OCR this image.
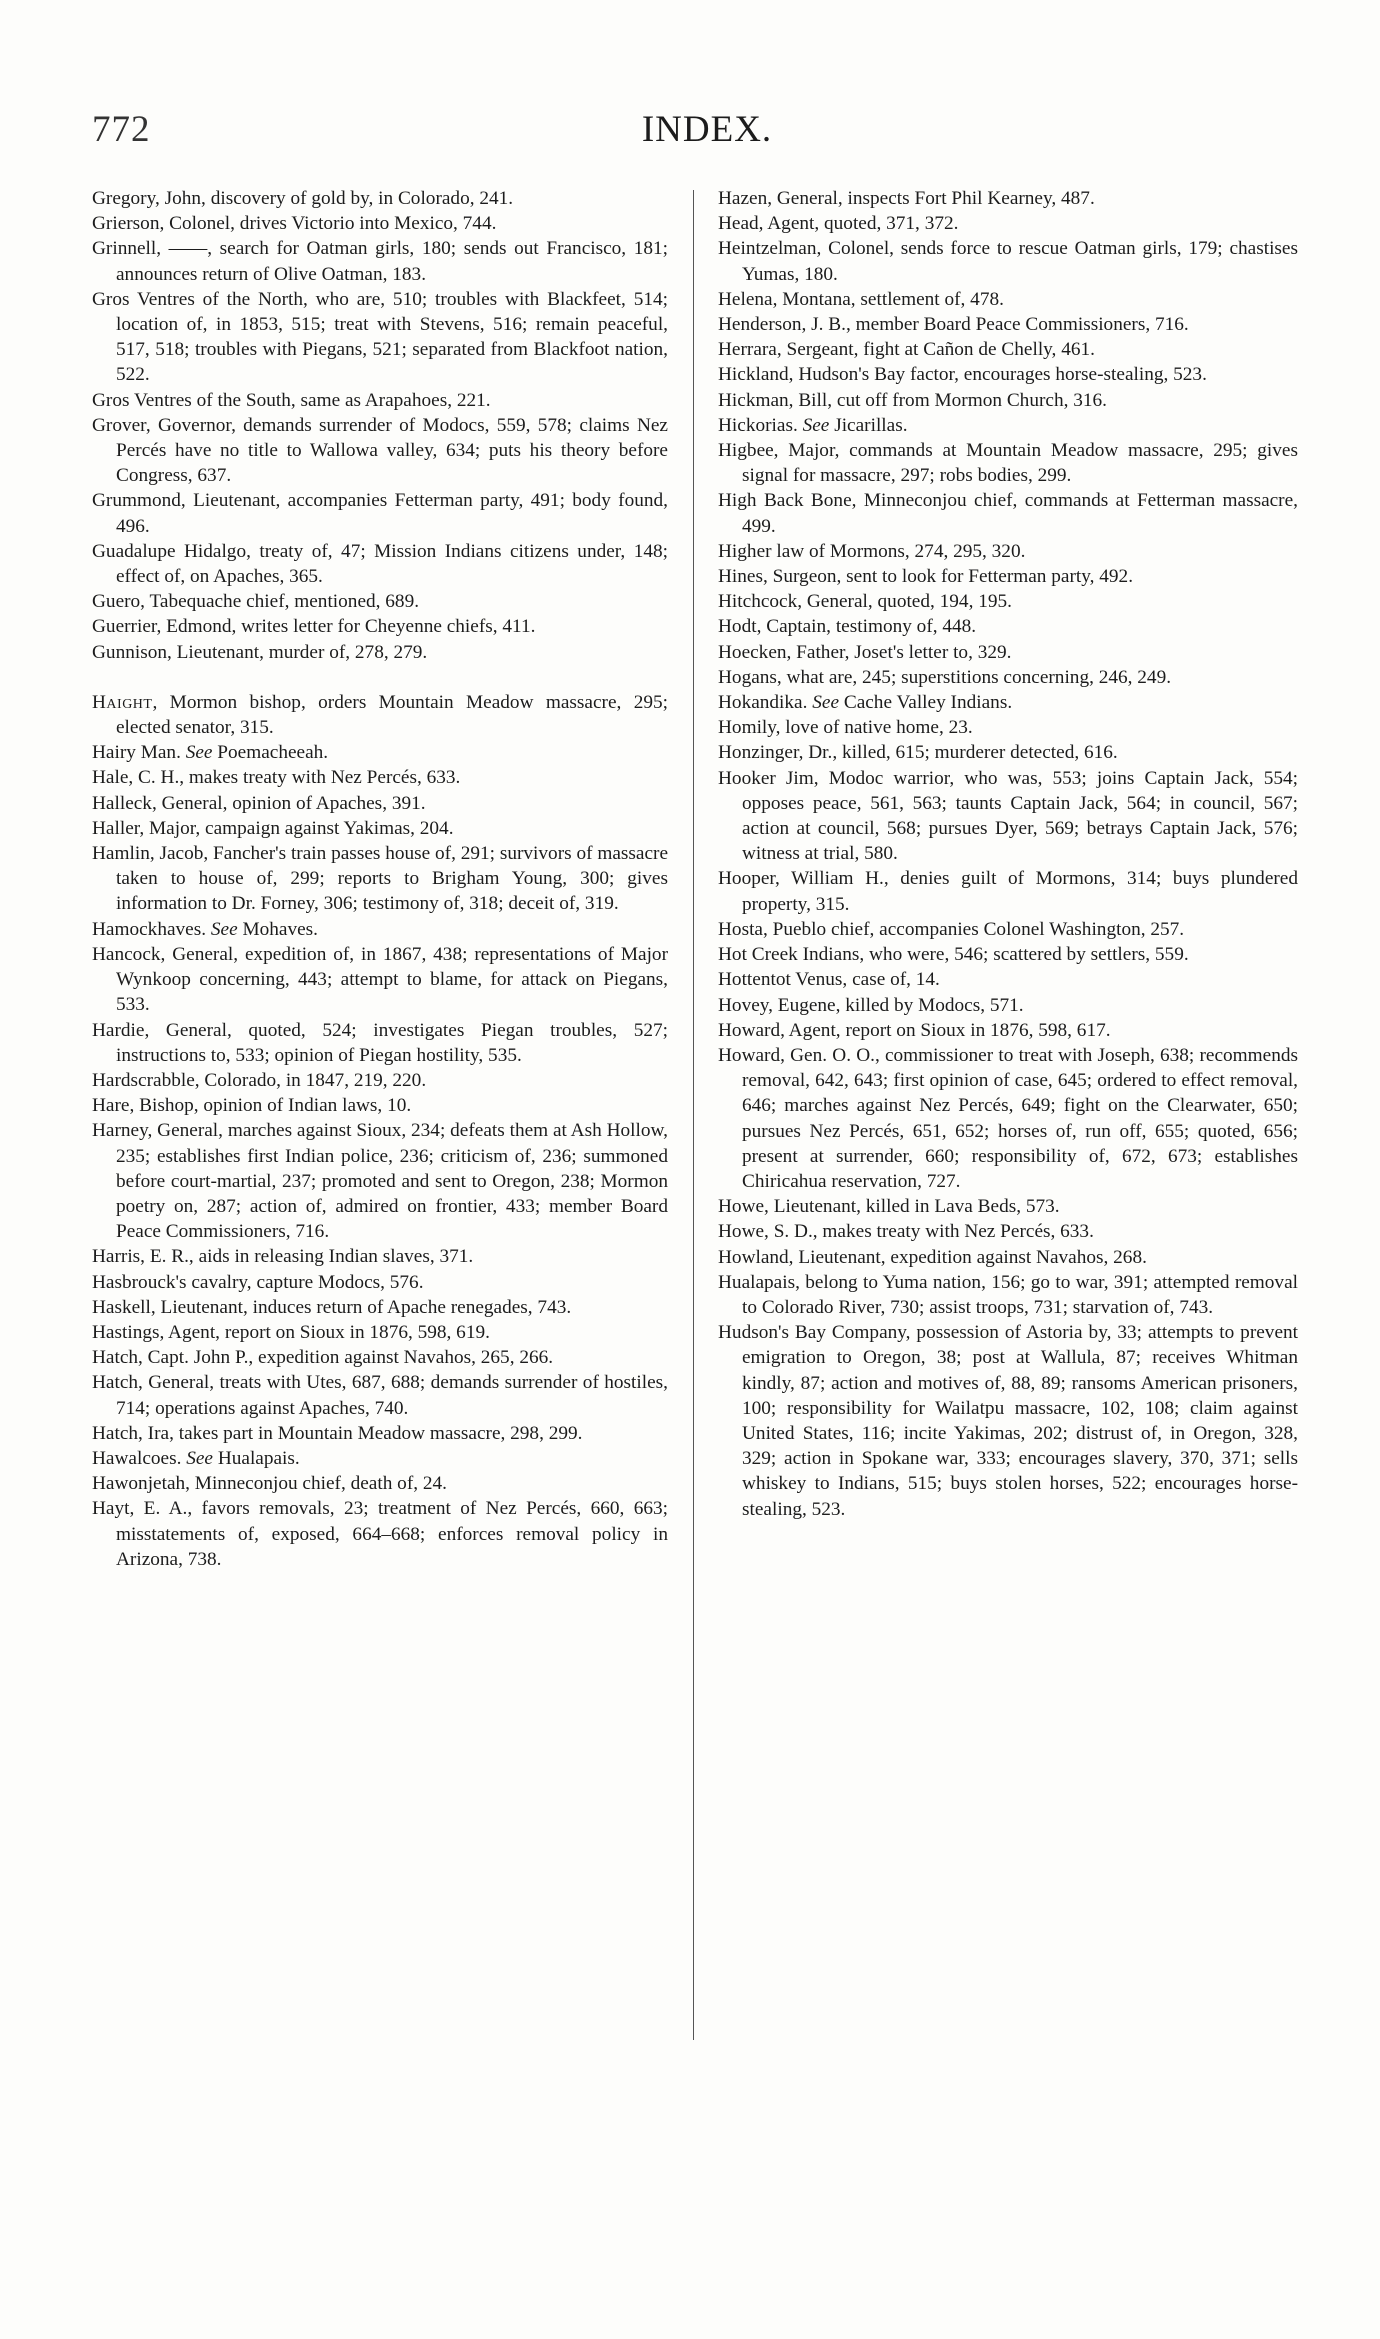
772	INDEX.

Gregory, John, discovery of gold by, in Colorado, 241.

Grierson, Colonel, drives Victorio into Mexico, 744.

Grinnell, ——, search for Oatman girls, 180; sends out Francisco, 181; announces return of Olive Oatman, 183.

Gros Ventres of the North, who are, 510; troubles with Blackfeet, 514; location of, in 1853, 515; treat with Stevens, 516; remain peaceful, 517, 518; troubles with Piegans, 521; separated from Blackfoot nation, 522.

Gros Ventres of the South, same as Arapahoes, 221.

Grover, Governor, demands surrender of Modocs, 559, 578; claims Nez Percés have no title to Wallowa valley, 634; puts his theory before Congress, 637.

Grummond, Lieutenant, accompanies Fetterman party, 491; body found, 496.

Guadalupe Hidalgo, treaty of, 47; Mission Indians citizens under, 148; effect of, on Apaches, 365.

Guero, Tabequache chief, mentioned, 689.

Guerrier, Edmond, writes letter for Cheyenne chiefs, 411.

Gunnison, Lieutenant, murder of, 278, 279.

Haight, Mormon bishop, orders Mountain Meadow massacre, 295; elected senator, 315.

Hairy Man. See Poemacheeah.

Hale, C. H., makes treaty with Nez Percés, 633.

Halleck, General, opinion of Apaches, 391.

Haller, Major, campaign against Yakimas, 204.

Hamlin, Jacob, Fancher's train passes house of, 291; survivors of massacre taken to house of, 299; reports to Brigham Young, 300; gives information to Dr. Forney, 306; testimony of, 318; deceit of, 319.

Hamockhaves. See Mohaves.

Hancock, General, expedition of, in 1867, 438; representations of Major Wynkoop concerning, 443; attempt to blame, for attack on Piegans, 533.

Hardie, General, quoted, 524; investigates Piegan troubles, 527; instructions to, 533; opinion of Piegan hostility, 535.

Hardscrabble, Colorado, in 1847, 219, 220.

Hare, Bishop, opinion of Indian laws, 10.

Harney, General, marches against Sioux, 234; defeats them at Ash Hollow, 235; establishes first Indian police, 236; criticism of, 236; summoned before court-martial, 237; promoted and sent to Oregon, 238; Mormon poetry on, 287; action of, admired on frontier, 433; member Board Peace Commissioners, 716.

Harris, E. R., aids in releasing Indian slaves, 371.

Hasbrouck's cavalry, capture Modocs, 576.

Haskell, Lieutenant, induces return of Apache renegades, 743.

Hastings, Agent, report on Sioux in 1876, 598, 619.

Hatch, Capt. John P., expedition against Navahos, 265, 266.

Hatch, General, treats with Utes, 687, 688; demands surrender of hostiles, 714; operations against Apaches, 740.

Hatch, Ira, takes part in Mountain Meadow massacre, 298, 299.

Hawalcoes. See Hualapais.

Hawonjetah, Minneconjou chief, death of, 24.

Hayt, E. A., favors removals, 23; treatment of Nez Percés, 660, 663; misstatements of, exposed, 664–668; enforces removal policy in Arizona, 738.

Hazen, General, inspects Fort Phil Kearney, 487.

Head, Agent, quoted, 371, 372.

Heintzelman, Colonel, sends force to rescue Oatman girls, 179; chastises Yumas, 180.

Helena, Montana, settlement of, 478.

Henderson, J. B., member Board Peace Commissioners, 716.

Herrara, Sergeant, fight at Cañon de Chelly, 461.

Hickland, Hudson's Bay factor, encourages horse-stealing, 523.

Hickman, Bill, cut off from Mormon Church, 316.

Hickorias. See Jicarillas.

Higbee, Major, commands at Mountain Meadow massacre, 295; gives signal for massacre, 297; robs bodies, 299.

High Back Bone, Minneconjou chief, commands at Fetterman massacre, 499.

Higher law of Mormons, 274, 295, 320.

Hines, Surgeon, sent to look for Fetterman party, 492.

Hitchcock, General, quoted, 194, 195.

Hodt, Captain, testimony of, 448.

Hoecken, Father, Joset's letter to, 329.

Hogans, what are, 245; superstitions concerning, 246, 249.

Hokandika. See Cache Valley Indians.

Homily, love of native home, 23.

Honzinger, Dr., killed, 615; murderer detected, 616.

Hooker Jim, Modoc warrior, who was, 553; joins Captain Jack, 554; opposes peace, 561, 563; taunts Captain Jack, 564; in council, 567; action at council, 568; pursues Dyer, 569; betrays Captain Jack, 576; witness at trial, 580.

Hooper, William H., denies guilt of Mormons, 314; buys plundered property, 315.

Hosta, Pueblo chief, accompanies Colonel Washington, 257.

Hot Creek Indians, who were, 546; scattered by settlers, 559.

Hottentot Venus, case of, 14.

Hovey, Eugene, killed by Modocs, 571.

Howard, Agent, report on Sioux in 1876, 598, 617.

Howard, Gen. O. O., commissioner to treat with Joseph, 638; recommends removal, 642, 643; first opinion of case, 645; ordered to effect removal, 646; marches against Nez Percés, 649; fight on the Clearwater, 650; pursues Nez Percés, 651, 652; horses of, run off, 655; quoted, 656; present at surrender, 660; responsibility of, 672, 673; establishes Chiricahua reservation, 727.

Howe, Lieutenant, killed in Lava Beds, 573.

Howe, S. D., makes treaty with Nez Percés, 633.

Howland, Lieutenant, expedition against Navahos, 268.

Hualapais, belong to Yuma nation, 156; go to war, 391; attempted removal to Colorado River, 730; assist troops, 731; starvation of, 743.

Hudson's Bay Company, possession of Astoria by, 33; attempts to prevent emigration to Oregon, 38; post at Wallula, 87; receives Whitman kindly, 87; action and motives of, 88, 89; ransoms American prisoners, 100; responsibility for Wailatpu massacre, 102, 108; claim against United States, 116; incite Yakimas, 202; distrust of, in Oregon, 328, 329; action in Spokane war, 333; encourages slavery, 370, 371; sells whiskey to Indians, 515; buys stolen horses, 522; encourages horse-stealing, 523.
